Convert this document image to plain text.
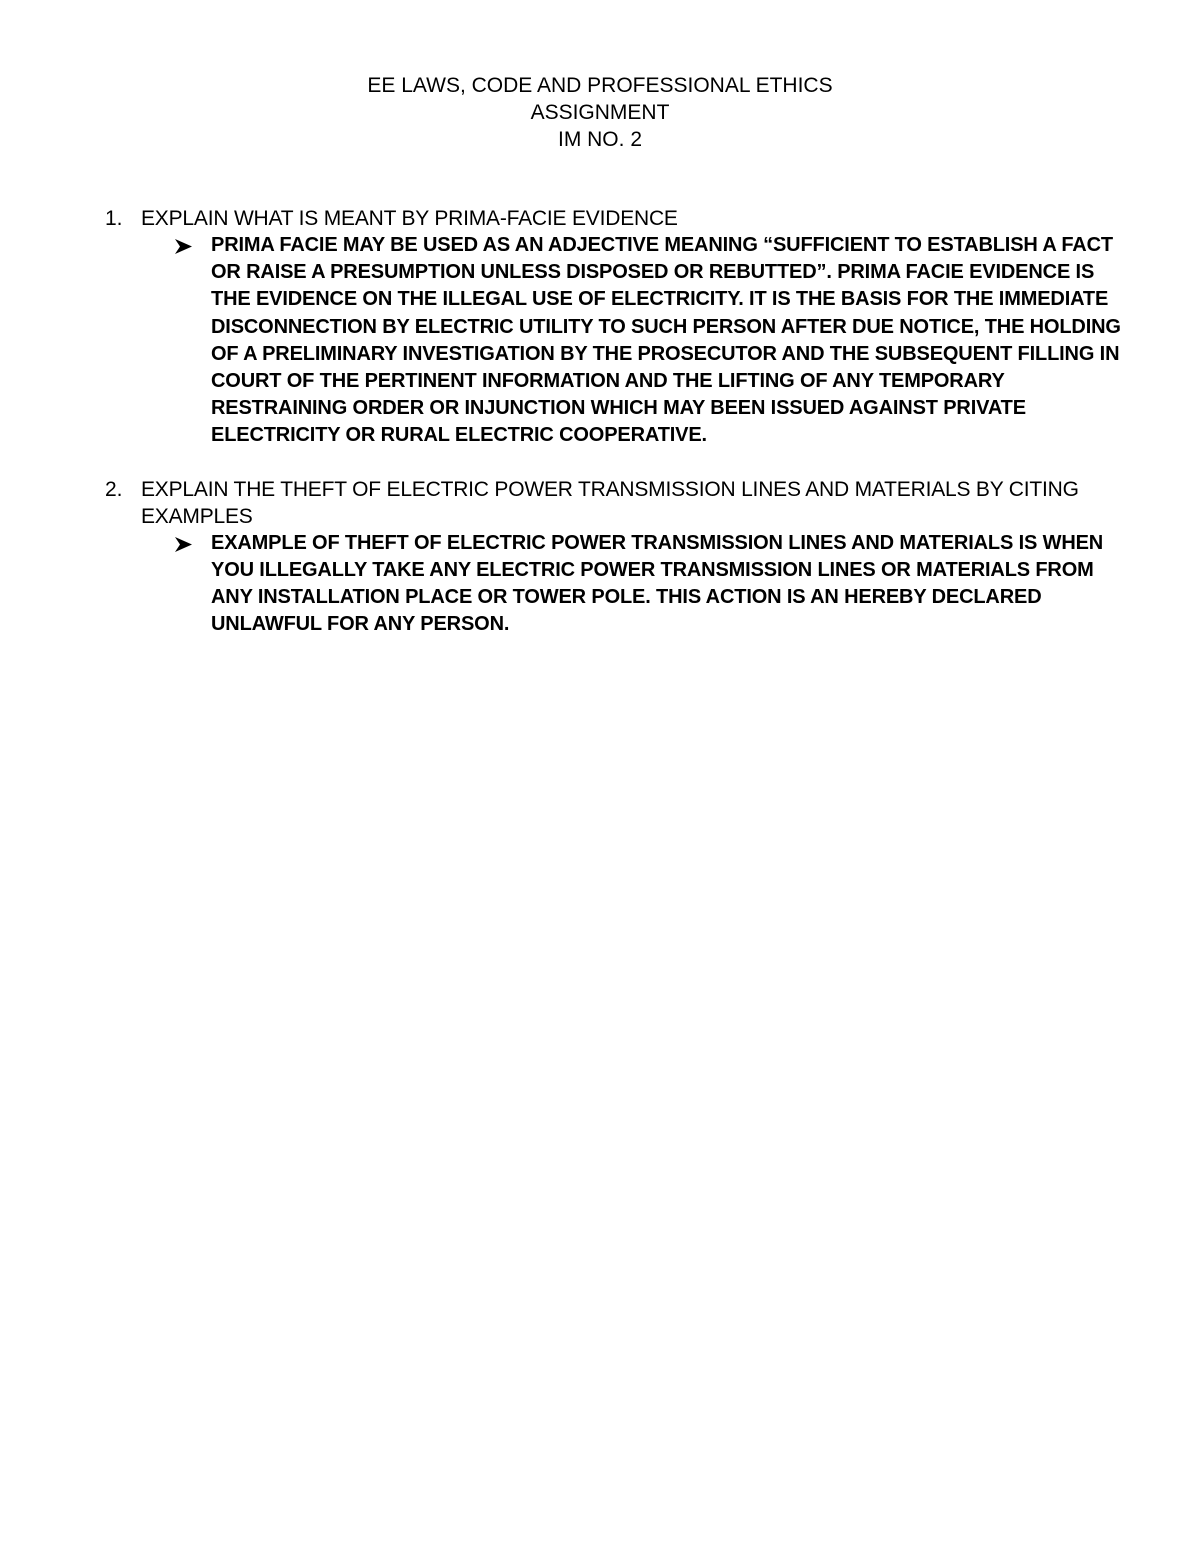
EE LAWS, CODE AND PROFESSIONAL ETHICS
ASSIGNMENT
IM NO. 2
1. EXPLAIN WHAT IS MEANT BY PRIMA-FACIE EVIDENCE
PRIMA FACIE MAY BE USED AS AN ADJECTIVE MEANING “SUFFICIENT TO ESTABLISH A FACT OR RAISE A PRESUMPTION UNLESS DISPOSED OR REBUTTED”. PRIMA FACIE EVIDENCE IS THE EVIDENCE ON THE ILLEGAL USE OF ELECTRICITY. IT IS THE BASIS FOR THE IMMEDIATE DISCONNECTION BY ELECTRIC UTILITY TO SUCH PERSON AFTER DUE NOTICE, THE HOLDING OF A PRELIMINARY INVESTIGATION BY THE PROSECUTOR AND THE SUBSEQUENT FILLING IN COURT OF THE PERTINENT INFORMATION AND THE LIFTING OF ANY TEMPORARY RESTRAINING ORDER OR INJUNCTION WHICH MAY BEEN ISSUED AGAINST PRIVATE ELECTRICITY OR RURAL ELECTRIC COOPERATIVE.
2. EXPLAIN THE THEFT OF ELECTRIC POWER TRANSMISSION LINES AND MATERIALS BY CITING EXAMPLES
EXAMPLE OF THEFT OF ELECTRIC POWER TRANSMISSION LINES AND MATERIALS IS WHEN YOU ILLEGALLY TAKE ANY ELECTRIC POWER TRANSMISSION LINES OR MATERIALS FROM ANY INSTALLATION PLACE OR TOWER POLE. THIS ACTION IS AN HEREBY DECLARED UNLAWFUL FOR ANY PERSON.
